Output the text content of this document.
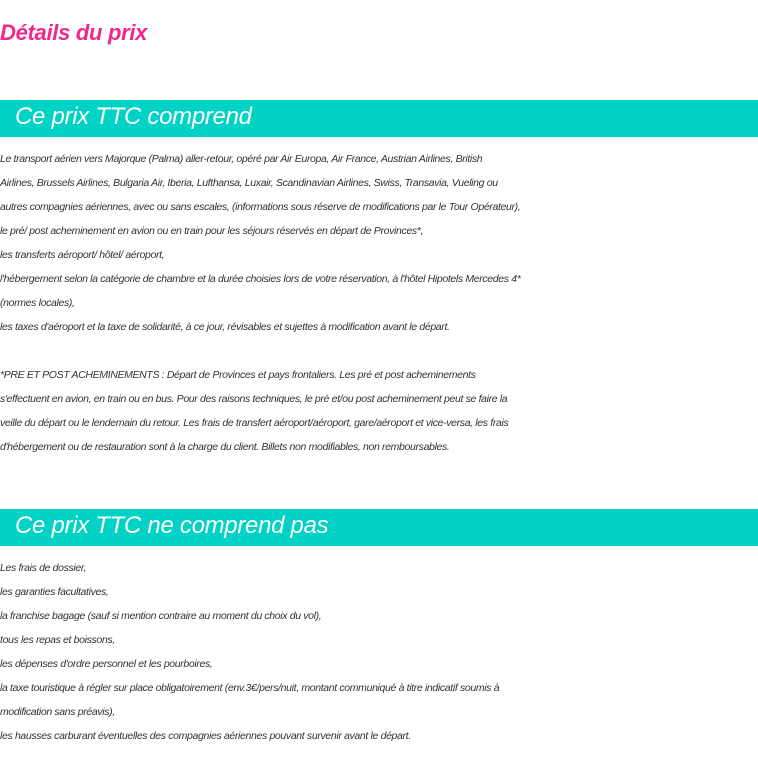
Détails du prix
Ce prix TTC comprend
Le transport aérien vers Majorque (Palma) aller-retour, opéré par Air Europa, Air France, Austrian Airlines, British
Airlines, Brussels Airlines, Bulgaria Air, Iberia, Lufthansa, Luxair, Scandinavian Airlines, Swiss, Transavia, Vueling ou
autres compagnies aériennes, avec ou sans escales, (informations sous réserve de modifications par le Tour Opérateur),
le pré/ post acheminement en avion ou en train pour les séjours réservés en départ de Provinces*,
les transferts aéroport/ hôtel/ aéroport,
l'hébergement selon la catégorie de chambre et la durée choisies lors de votre réservation, à l'hôtel Hipotels Mercedes 4*
(normes locales),
les taxes d'aéroport et la taxe de solidarité, à ce jour, révisables et sujettes à modification avant le départ.
*PRE ET POST ACHEMINEMENTS : Départ de Provinces et pays frontaliers. Les pré et post acheminements
s'effectuent en avion, en train ou en bus. Pour des raisons techniques, le pré et/ou post acheminement peut se faire la
veille du départ ou le lendemain du retour. Les frais de transfert aéroport/aéroport, gare/aéroport et vice-versa, les frais
d'hébergement ou de restauration sont à la charge du client. Billets non modifiables, non remboursables.
Ce prix TTC ne comprend pas
Les frais de dossier,
les garanties facultatives,
la franchise bagage (sauf si mention contraire au moment du choix du vol),
tous les repas et boissons,
les dépenses d'ordre personnel et les pourboires,
la taxe touristique à régler sur place obligatoirement (env.3€/pers/nuit, montant communiqué à titre indicatif soumis à
modification sans préavis),
les hausses carburant éventuelles des compagnies aériennes pouvant survenir avant le départ.
